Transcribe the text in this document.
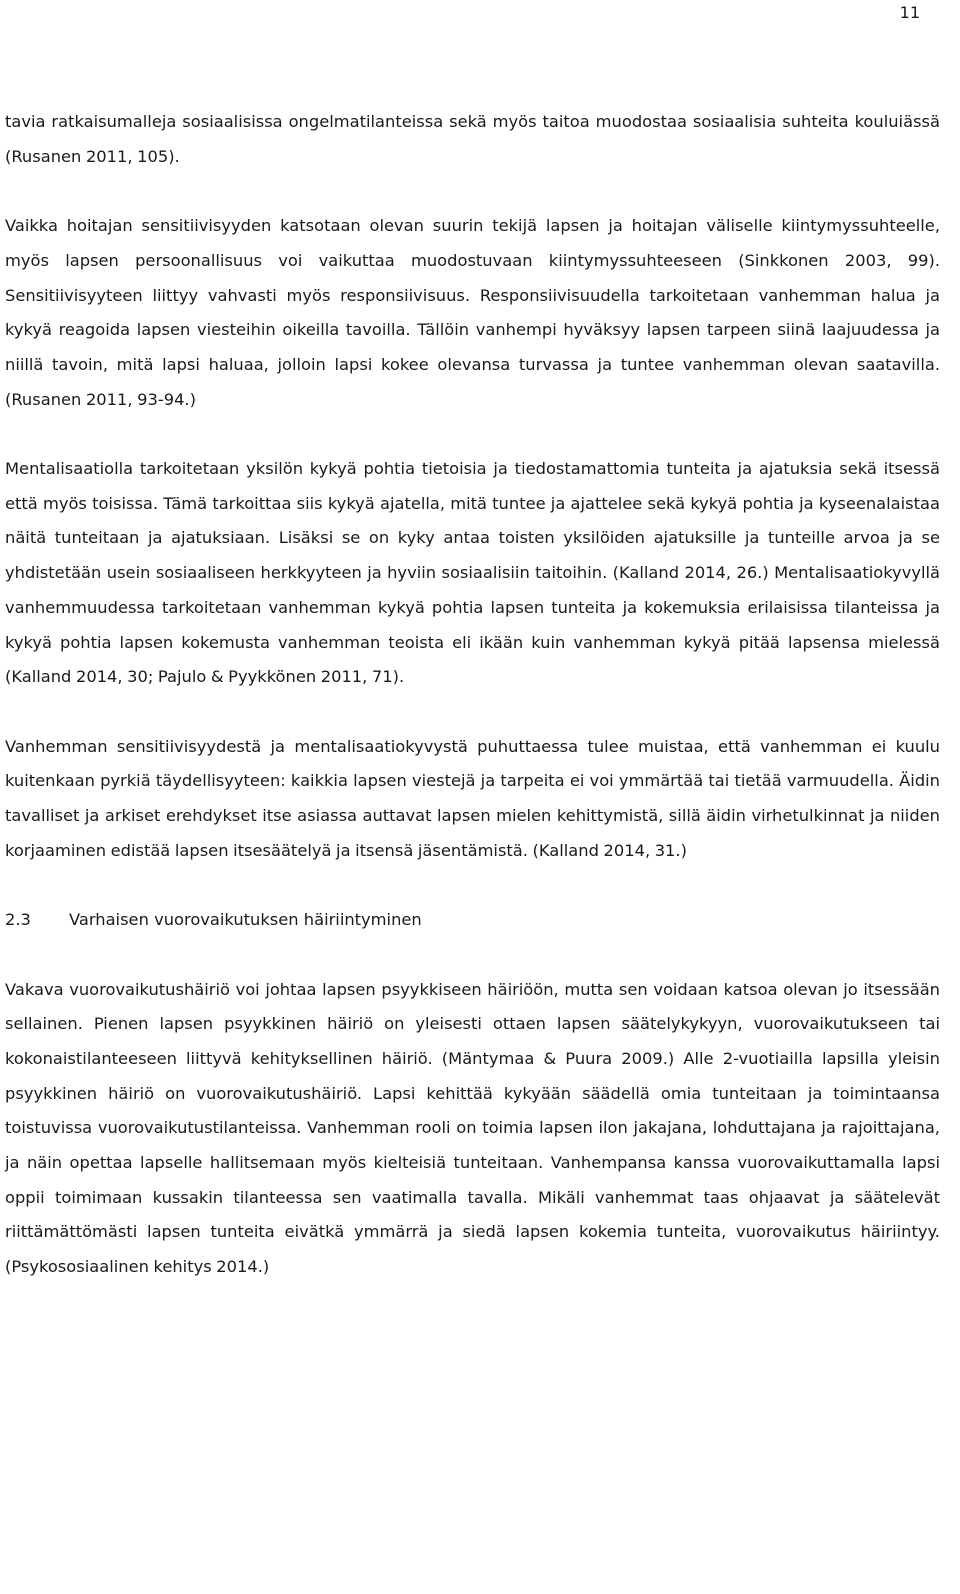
11

tavia ratkaisumalleja sosiaalisissa ongelmatilanteissa sekä myös taitoa muodostaa sosiaalisia suhteita kouluiässä (Rusanen 2011, 105).

Vaikka hoitajan sensitiivisyyden katsotaan olevan suurin tekijä lapsen ja hoitajan väliselle kiintymyssuhteelle, myös lapsen persoonallisuus voi vaikuttaa muodostuvaan kiintymyssuhteeseen (Sinkkonen 2003, 99). Sensitiivisyyteen liittyy vahvasti myös responsiivisuus. Responsiivisuudella tarkoitetaan vanhemman halua ja kykyä reagoida lapsen viesteihin oikeilla tavoilla. Tällöin vanhempi hyväksyy lapsen tarpeen siinä laajuudessa ja niillä tavoin, mitä lapsi haluaa, jolloin lapsi kokee olevansa turvassa ja tuntee vanhemman olevan saatavilla. (Rusanen 2011, 93-94.)

Mentalisaatiolla tarkoitetaan yksilön kykyä pohtia tietoisia ja tiedostamattomia tunteita ja ajatuksia sekä itsessä että myös toisissa. Tämä tarkoittaa siis kykyä ajatella, mitä tuntee ja ajattelee sekä kykyä pohtia ja kyseenalaistaa näitä tunteitaan ja ajatuksiaan. Lisäksi se on kyky antaa toisten yksilöiden ajatuksille ja tunteille arvoa ja se yhdistetään usein sosiaaliseen herkkyyteen ja hyviin sosiaalisiin taitoihin. (Kalland 2014, 26.) Mentalisaatiokyvyllä vanhemmuudessa tarkoitetaan vanhemman kykyä pohtia lapsen tunteita ja kokemuksia erilaisissa tilanteissa ja kykyä pohtia lapsen kokemusta vanhemman teoista eli ikään kuin vanhemman kykyä pitää lapsensa mielessä (Kalland 2014, 30; Pajulo & Pyykkönen 2011, 71).

Vanhemman sensitiivisyydestä ja mentalisaatiokyvystä puhuttaessa tulee muistaa, että vanhemman ei kuulu kuitenkaan pyrkiä täydellisyyteen: kaikkia lapsen viestejä ja tarpeita ei voi ymmärtää tai tietää varmuudella. Äidin tavalliset ja arkiset erehdykset itse asiassa auttavat lapsen mielen kehittymistä, sillä äidin virhetulkinnat ja niiden korjaaminen edistää lapsen itsesäätelyä ja itsensä jäsentämistä. (Kalland 2014, 31.)

2.3	Varhaisen vuorovaikutuksen häiriintyminen

Vakava vuorovaikutushäiriö voi johtaa lapsen psyykkiseen häiriöön, mutta sen voidaan katsoa olevan jo itsessään sellainen. Pienen lapsen psyykkinen häiriö on yleisesti ottaen lapsen säätelykykyyn, vuorovaikutukseen tai kokonaistilanteeseen liittyvä kehityksellinen häiriö. (Mäntymaa & Puura 2009.) Alle 2-vuotiailla lapsilla yleisin psyykkinen häiriö on vuorovaikutushäiriö. Lapsi kehittää kykyään säädellä omia tunteitaan ja toimintaansa toistuvissa vuorovaikutustilanteissa. Vanhemman rooli on toimia lapsen ilon jakajana, lohduttajana ja rajoittajana, ja näin opettaa lapselle hallitsemaan myös kielteisiä tunteitaan. Vanhempansa kanssa vuorovaikuttamalla lapsi oppii toimimaan kussakin tilanteessa sen vaatimalla tavalla. Mikäli vanhemmat taas ohjaavat ja säätelevät riittämättömästi lapsen tunteita eivätkä ymmärrä ja siedä lapsen kokemia tunteita, vuorovaikutus häiriintyy. (Psykososiaalinen kehitys 2014.)
